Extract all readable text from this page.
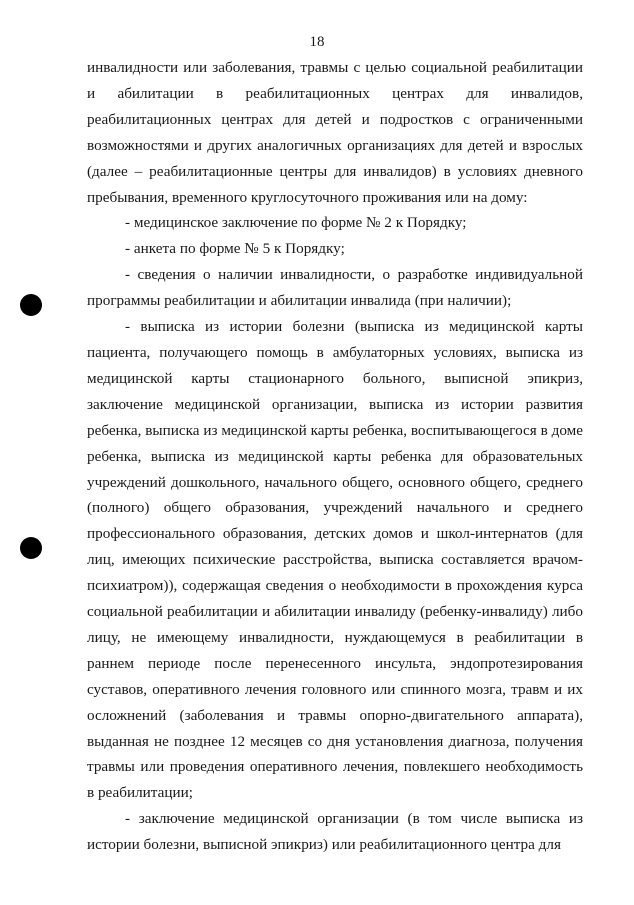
18

инвалидности или заболевания, травмы с целью социальной реабилитации и абилитации в реабилитационных центрах для инвалидов, реабилитационных центрах для детей и подростков с ограниченными возможностями и других аналогичных организациях для детей и взрослых (далее – реабилитационные центры для инвалидов) в условиях дневного пребывания, временного круглосуточного проживания или на дому:

- медицинское заключение по форме № 2 к Порядку;

- анкета по форме № 5 к Порядку;

- сведения о наличии инвалидности, о разработке индивидуальной программы реабилитации и абилитации инвалида (при наличии);

- выписка из истории болезни (выписка из медицинской карты пациента, получающего помощь в амбулаторных условиях, выписка из медицинской карты стационарного больного, выписной эпикриз, заключение медицинской организации, выписка из истории развития ребенка, выписка из медицинской карты ребенка, воспитывающегося в доме ребенка, выписка из медицинской карты ребенка для образовательных учреждений дошкольного, начального общего, основного общего, среднего (полного) общего образования, учреждений начального и среднего профессионального образования, детских домов и школ-интернатов (для лиц, имеющих психические расстройства, выписка составляется врачом-психиатром)), содержащая сведения о необходимости в прохождения курса социальной реабилитации и абилитации инвалиду (ребенку-инвалиду) либо лицу, не имеющему инвалидности, нуждающемуся в реабилитации в раннем периоде после перенесенного инсульта, эндопротезирования суставов, оперативного лечения головного или спинного мозга, травм и их осложнений (заболевания и травмы опорно-двигательного аппарата), выданная не позднее 12 месяцев со дня установления диагноза, получения травмы или проведения оперативного лечения, повлекшего необходимость в реабилитации;

- заключение медицинской организации (в том числе выписка из истории болезни, выписной эпикриз) или реабилитационного центра для
